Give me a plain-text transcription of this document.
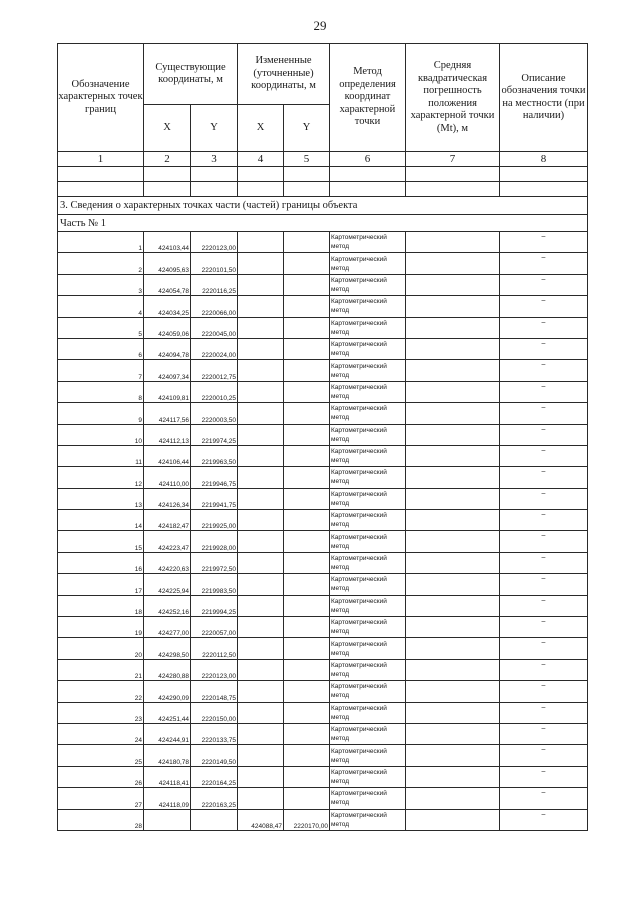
29
Обозначение характерных точек границ	Существующие координаты, м		Измененные (уточненные) координаты, м		Метод определения координат характерной точки	Средняя квадратическая погрешность положения характерной точки (Mt), м	Описание обозначения точки на местности (при наличии)
	X	Y	X	Y			
1	2	3	4	5	6	7	8

3. Сведения о характерных точках части (частей) границы объекта							
Часть № 1							
1	424103,44	2220123,00			Картометрический метод		–
2	424095,63	2220101,50			Картометрический метод		–
3	424054,78	2220116,25			Картометрический метод		–
4	424034,25	2220066,00			Картометрический метод		–
5	424059,06	2220045,00			Картометрический метод		–
6	424094,78	2220024,00			Картометрический метод		–
7	424097,34	2220012,75			Картометрический метод		–
8	424109,81	2220010,25			Картометрический метод		–
9	424117,56	2220003,50			Картометрический метод		–
10	424112,13	2219974,25			Картометрический метод		–
11	424106,44	2219963,50			Картометрический метод		–
12	424110,00	2219946,75			Картометрический метод		–
13	424126,34	2219941,75			Картометрический метод		–
14	424182,47	2219925,00			Картометрический метод		–
15	424223,47	2219928,00			Картометрический метод		–
16	424220,63	2219972,50			Картометрический метод		–
17	424225,94	2219983,50			Картометрический метод		–
18	424252,16	2219994,25			Картометрический метод		–
19	424277,00	2220057,00			Картометрический метод		–
20	424298,50	2220112,50			Картометрический метод		–
21	424280,88	2220123,00			Картометрический метод		–
22	424290,09	2220148,75			Картометрический метод		–
23	424251,44	2220150,00			Картометрический метод		–
24	424244,91	2220133,75			Картометрический метод		–
25	424180,78	2220149,50			Картометрический метод		–
26	424118,41	2220164,25			Картометрический метод		–
27	424118,09	2220163,25			Картометрический метод		–
28			424088,47	2220170,00	Картометрический метод		–
